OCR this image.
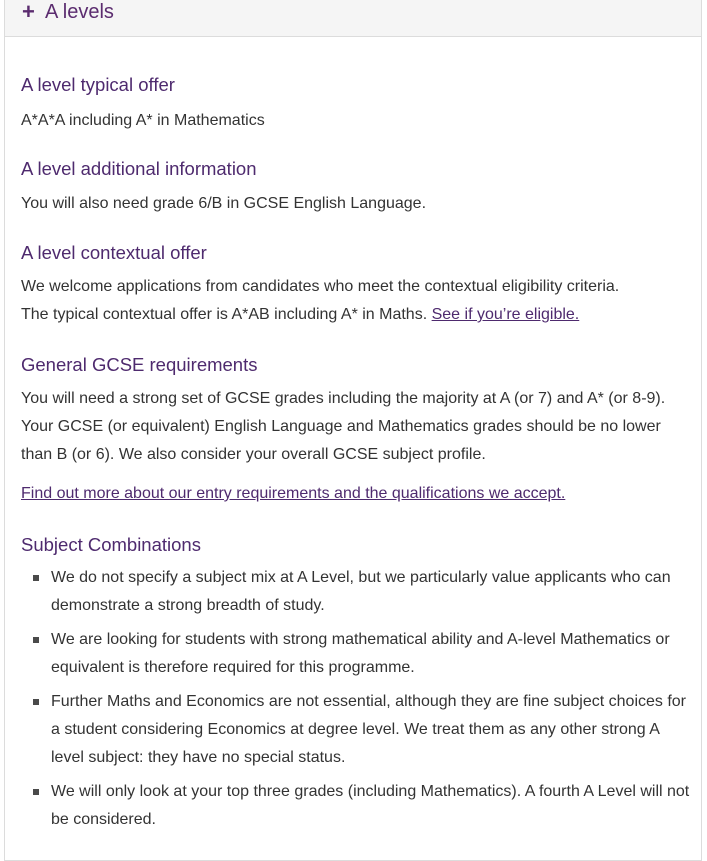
+ A levels
A level typical offer

A*A*A including A* in Mathematics

A level additional information

You will also need grade 6/B in GCSE English Language.

A level contextual offer

We welcome applications from candidates who meet the contextual eligibility criteria.
The typical contextual offer is A*AB including A* in Maths. See if you’re eligible.

General GCSE requirements

You will need a strong set of GCSE grades including the majority at A (or 7) and A* (or 8-9). Your GCSE (or equivalent) English Language and Mathematics grades should be no lower than B (or 6). We also consider your overall GCSE subject profile.

Find out more about our entry requirements and the qualifications we accept.
Subject Combinations
We do not specify a subject mix at A Level, but we particularly value applicants who can demonstrate a strong breadth of study.
We are looking for students with strong mathematical ability and A-level Mathematics or equivalent is therefore required for this programme.
Further Maths and Economics are not essential, although they are fine subject choices for a student considering Economics at degree level. We treat them as any other strong A level subject: they have no special status.
We will only look at your top three grades (including Mathematics). A fourth A Level will not be considered.
